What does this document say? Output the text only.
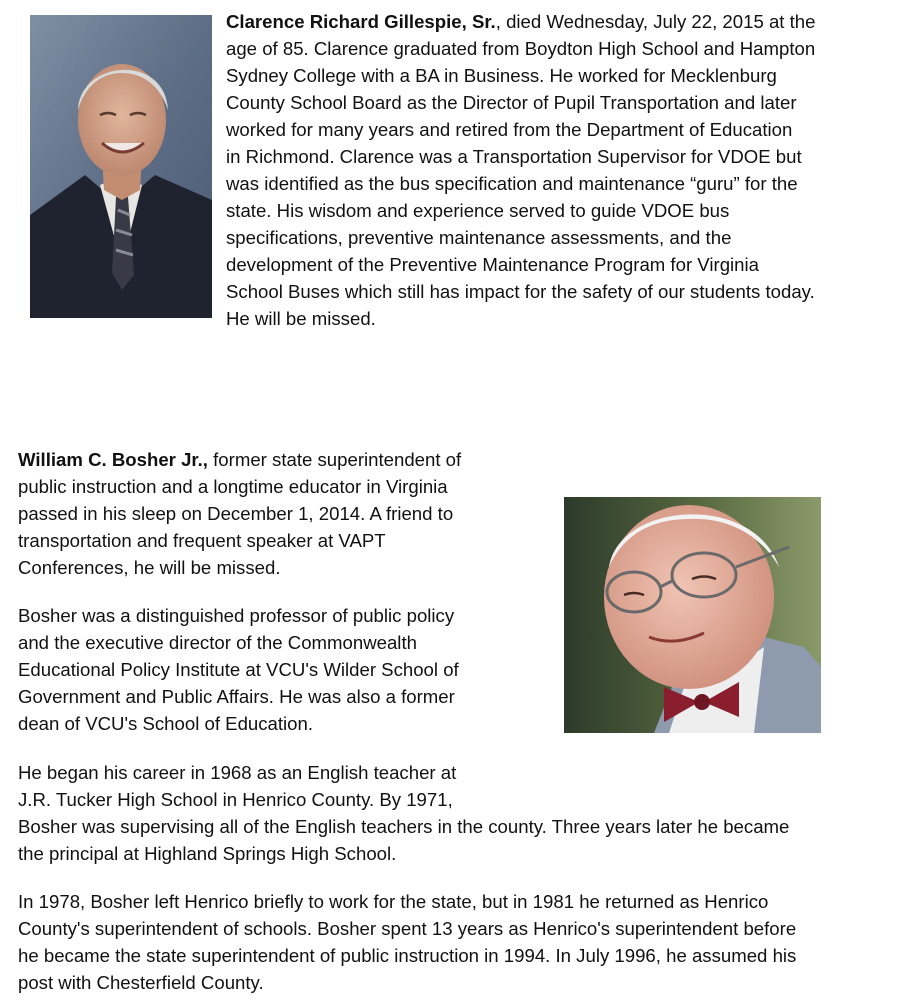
Clarence Richard Gillespie, Sr., died Wednesday, July 22, 2015 at the
age of 85. Clarence graduated from Boydton High School and Hampton
Sydney College with a BA in Business. He worked for Mecklenburg
County School Board as the Director of Pupil Transportation and later
worked for many years and retired from the Department of Education
in Richmond. Clarence was a Transportation Supervisor for VDOE but
was identified as the bus specification and maintenance “guru” for the
state. His wisdom and experience served to guide VDOE bus
specifications, preventive maintenance assessments, and the
development of the Preventive Maintenance Program for Virginia
School Buses which still has impact for the safety of our students today.
He will be missed.
William C. Bosher Jr., former state superintendent of
public instruction and a longtime educator in Virginia
passed in his sleep on December 1, 2014. A friend to
transportation and frequent speaker at VAPT
Conferences, he will be missed.
Bosher was a distinguished professor of public policy
and the executive director of the Commonwealth
Educational Policy Institute at VCU's Wilder School of
Government and Public Affairs. He was also a former
dean of VCU's School of Education.
He began his career in 1968 as an English teacher at
J.R. Tucker High School in Henrico County. By 1971,
Bosher was supervising all of the English teachers in the county. Three years later he became
the principal at Highland Springs High School.
In 1978, Bosher left Henrico briefly to work for the state, but in 1981 he returned as Henrico
County's superintendent of schools. Bosher spent 13 years as Henrico's superintendent before
he became the state superintendent of public instruction in 1994. In July 1996, he assumed his
post with Chesterfield County.
